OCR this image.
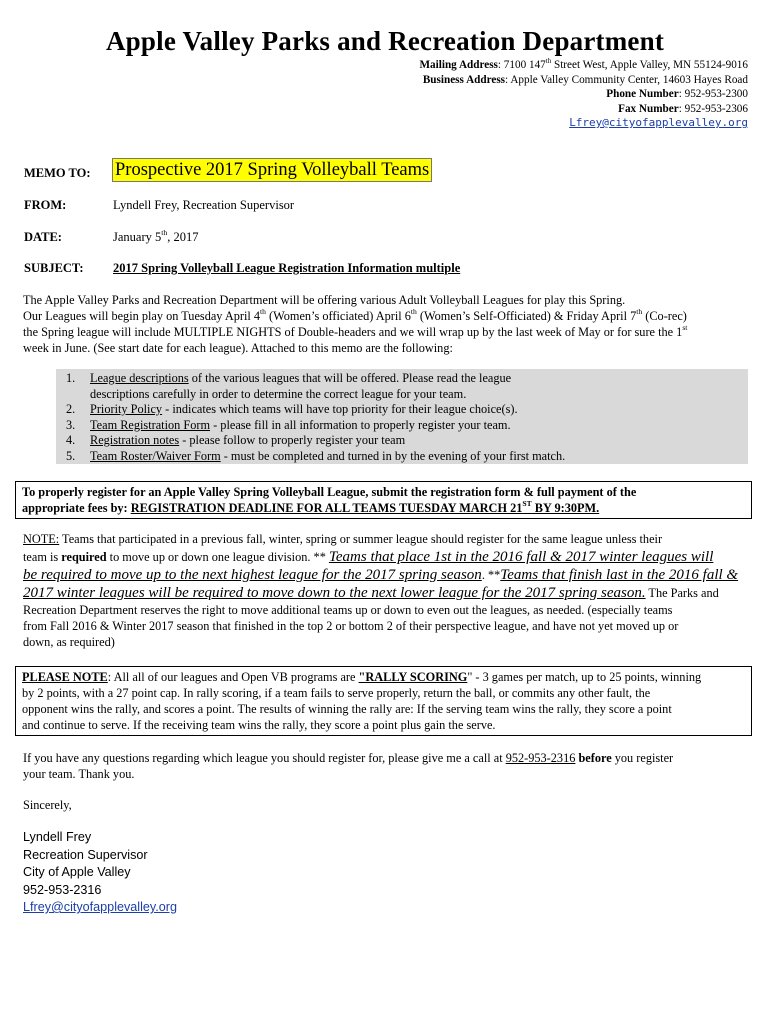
Apple Valley Parks and Recreation Department
Mailing Address: 7100 147th Street West, Apple Valley, MN 55124-9016
Business Address: Apple Valley Community Center, 14603 Hayes Road
Phone Number: 952-953-2300
Fax Number: 952-953-2306
Lfrey@cityofapplevalley.org
MEMO TO: Prospective 2017 Spring Volleyball Teams
FROM:	Lyndell Frey, Recreation Supervisor
DATE:	January 5th, 2017
SUBJECT: 2017 Spring Volleyball League Registration Information multiple
The Apple Valley Parks and Recreation Department will be offering various Adult Volleyball Leagues for play this Spring.
Our Leagues will begin play on Tuesday April 4th (Women’s officiated) April 6th (Women’s Self-Officiated) & Friday April 7th (Co-rec)
the Spring league will include MULTIPLE NIGHTS of Double-headers and we will wrap up by the last week of May or for sure the 1st
week in June. (See start date for each league). Attached to this memo are the following:
1. League descriptions of the various leagues that will be offered. Please read the league
descriptions carefully in order to determine the correct league for your team.
2. Priority Policy - indicates which teams will have top priority for their league choice(s).
3. Team Registration Form - please fill in all information to properly register your team.
4. Registration notes - please follow to properly register your team
5. Team Roster/Waiver Form - must be completed and turned in by the evening of your first match.
To properly register for an Apple Valley Spring Volleyball League, submit the registration form & full payment of the
appropriate fees by: REGISTRATION DEADLINE FOR ALL TEAMS TUESDAY MARCH 21ST BY 9:30PM.
NOTE: Teams that participated in a previous fall, winter, spring or summer league should register for the same league unless their
team is required to move up or down one league division. ** Teams that place 1st in the 2016 fall & 2017 winter leagues will
be required to move up to the next highest league for the 2017 spring season. **Teams that finish last in the 2016 fall &
2017 winter leagues will be required to move down to the next lower league for the 2017 spring season. The Parks and
Recreation Department reserves the right to move additional teams up or down to even out the leagues, as needed. (especially teams
from Fall 2016 & Winter 2017 season that finished in the top 2 or bottom 2 of their perspective league, and have not yet moved up or
down, as required)
PLEASE NOTE: All all of our leagues and Open VB programs are "RALLY SCORING" - 3 games per match, up to 25 points, winning
by 2 points, with a 27 point cap. In rally scoring, if a team fails to serve properly, return the ball, or commits any other fault, the
opponent wins the rally, and scores a point. The results of winning the rally are: If the serving team wins the rally, they score a point
and continue to serve. If the receiving team wins the rally, they score a point plus gain the serve.
If you have any questions regarding which league you should register for, please give me a call at 952-953-2316 before you register
your team. Thank you.
Sincerely,
Lyndell Frey
Recreation Supervisor
City of Apple Valley
952-953-2316
Lfrey@cityofapplevalley.org
